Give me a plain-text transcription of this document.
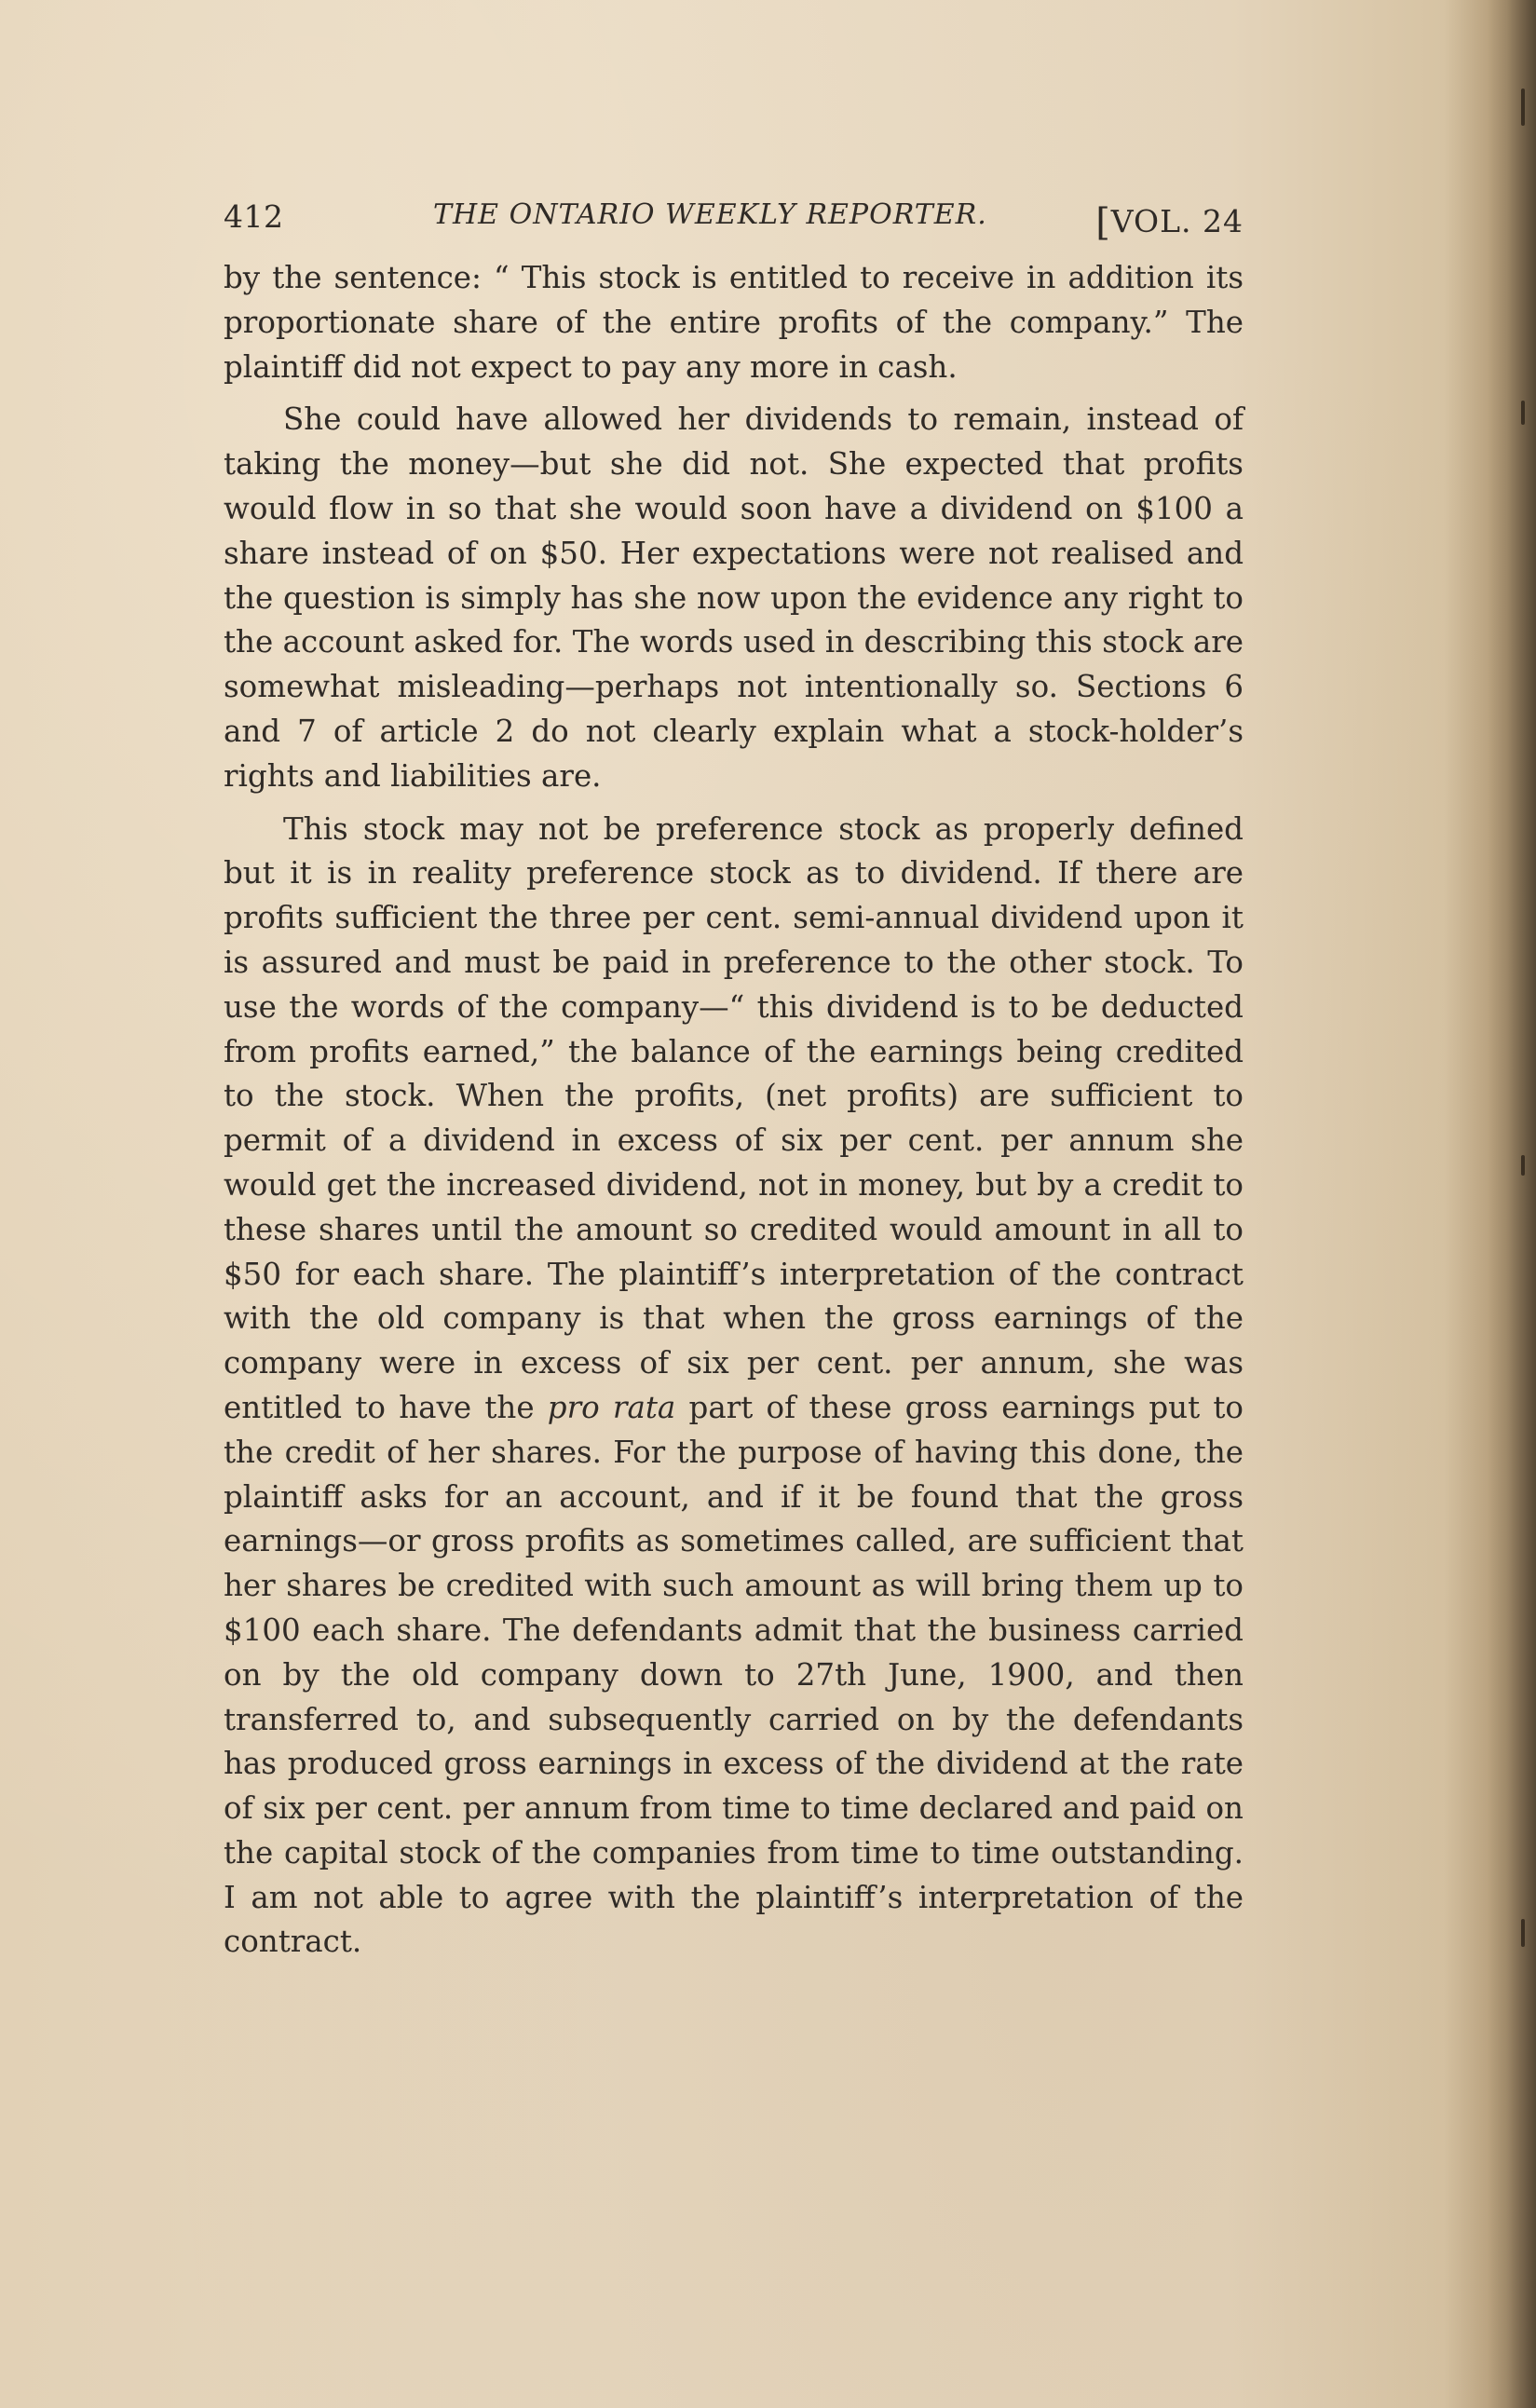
412	THE ONTARIO WEEKLY REPORTER.	[VOL. 24

by the sentence: “ This stock is entitled to receive in addition its proportionate share of the entire profits of the company.” The plaintiff did not expect to pay any more in cash.

She could have allowed her dividends to remain, instead of taking the money—but she did not. She expected that profits would flow in so that she would soon have a dividend on $100 a share instead of on $50. Her expectations were not realised and the question is simply has she now upon the evidence any right to the account asked for. The words used in describing this stock are somewhat misleading—perhaps not intentionally so. Sections 6 and 7 of article 2 do not clearly explain what a stock-holder’s rights and liabilities are.

This stock may not be preference stock as properly defined but it is in reality preference stock as to dividend. If there are profits sufficient the three per cent. semi-annual dividend upon it is assured and must be paid in preference to the other stock. To use the words of the company—“ this dividend is to be deducted from profits earned,” the balance of the earnings being credited to the stock. When the profits, (net profits) are sufficient to permit of a dividend in excess of six per cent. per annum she would get the increased dividend, not in money, but by a credit to these shares until the amount so credited would amount in all to $50 for each share. The plaintiff’s interpretation of the contract with the old company is that when the gross earnings of the company were in excess of six per cent. per annum, she was entitled to have the pro rata part of these gross earnings put to the credit of her shares. For the purpose of having this done, the plaintiff asks for an account, and if it be found that the gross earnings—or gross profits as sometimes called, are sufficient that her shares be credited with such amount as will bring them up to $100 each share. The defendants admit that the business carried on by the old company down to 27th June, 1900, and then transferred to, and subsequently carried on by the defendants has produced gross earnings in excess of the dividend at the rate of six per cent. per annum from time to time declared and paid on the capital stock of the companies from time to time outstanding. I am not able to agree with the plaintiff’s interpretation of the contract.
